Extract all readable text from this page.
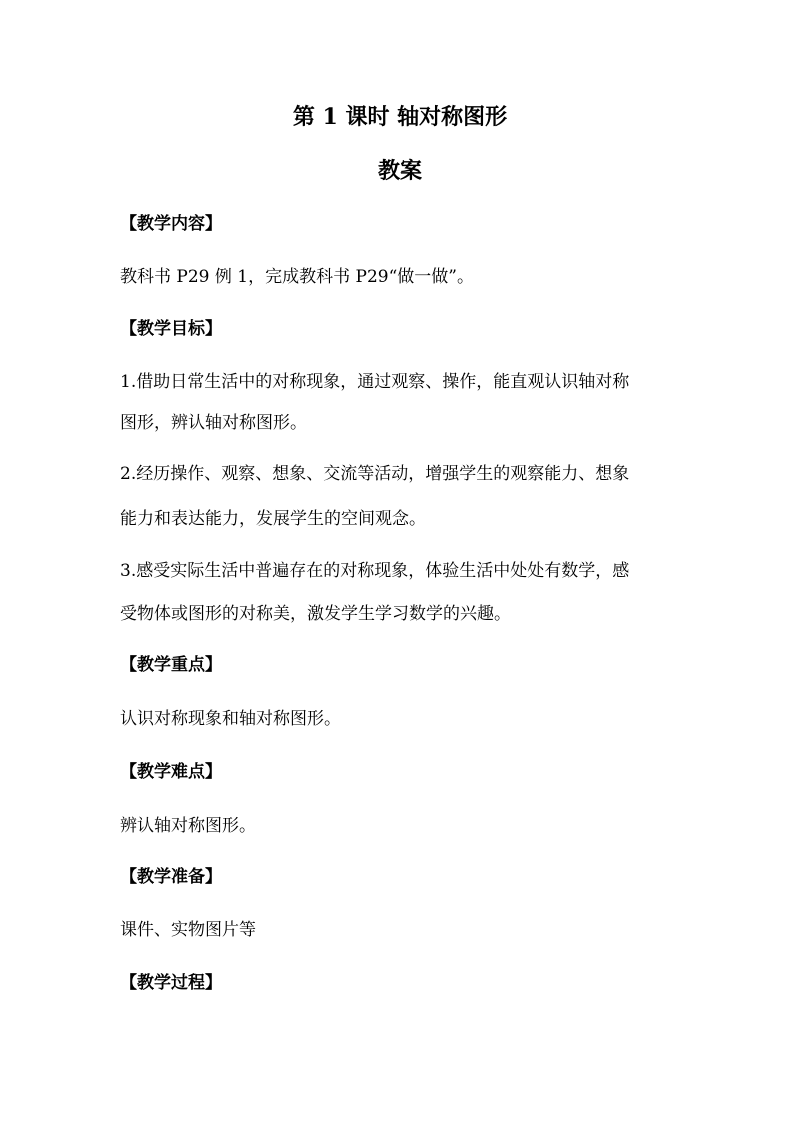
第 1 课时 轴对称图形
教案
【教学内容】
教科书 P29 例 1，完成教科书 P29“做一做”。
【教学目标】
1.借助日常生活中的对称现象，通过观察、操作，能直观认识轴对称
图形，辨认轴对称图形。
2.经历操作、观察、想象、交流等活动，增强学生的观察能力、想象
能力和表达能力，发展学生的空间观念。
3.感受实际生活中普遍存在的对称现象，体验生活中处处有数学，感
受物体或图形的对称美，激发学生学习数学的兴趣。
【教学重点】
认识对称现象和轴对称图形。
【教学难点】
辨认轴对称图形。
【教学准备】
课件、实物图片等
【教学过程】
